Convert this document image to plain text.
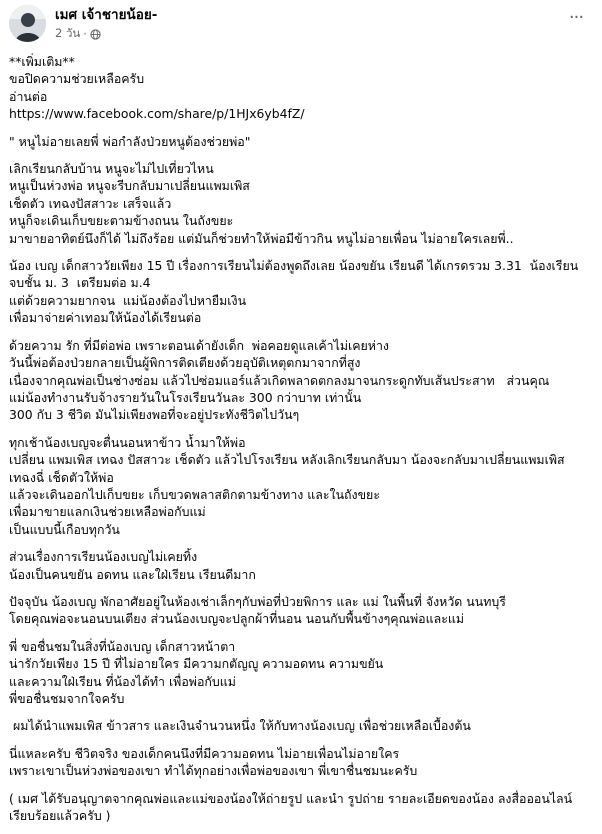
เมศ เจ้าชายน้อย-
2 วัน ·
···
**เพิ่มเติม**
ขอปิดความช่วยเหลือครับ
อ่านต่อ
https://www.facebook.com/share/p/1HJx6yb4fZ/
" หนูไม่อายเลยพี่ พ่อกำลังป่วยหนูต้องช่วยพ่อ"
เลิกเรียนกลับบ้าน หนูจะไม่ไปเที่ยวไหน
หนูเป็นห่วงพ่อ หนูจะรีบกลับมาเปลี่ยนแพมเพิส
เช็ดตัว เทฉงปัสสาวะ เสร็จแล้ว
หนูก็จะเดินเก็บขยะตามข้างถนน ในถังขยะ
มาขายอาทิตย์นึงก็ได้ ไม่ถึงร้อย แต่มันก็ช่วยทำให้พ่อมีข้าวกิน หนูไม่อายเพื่อน ไม่อายใครเลยพี่..
น้อง เบญ เด็กสาววัยเพียง 15 ปี เรื่องการเรียนไม่ต้องพูดถึงเลย น้องขยัน เรียนดี ได้เกรดรวม 3.31  น้องเรียน
จบชั้น ม. 3  เตรียมต่อ ม.4
แต่ด้วยความยากจน  แม่น้องต้องไปหายืมเงิน
เพื่อมาจ่ายค่าเทอมให้น้องได้เรียนต่อ
ด้วยความ รัก ที่มีต่อพ่อ เพราะตอนเด้ายังเด็ก  พ่อคอยดูแลเค้าไม่เคยห่าง
วันนี้พ่อต้องป่วยกลายเป็นผู้พิการติดเตียงด้วยอุบัติเหตุตกมาจากที่สูง
เนื่องจากคุณพ่อเป็นช่างซ่อม แล้วไปซ่อมแอร์แล้วเกิดพลาดตกลงมาจนกระดูกทับเส้นประสาท   ส่วนคุณ
แม่น้องทำงานรับจ้างรายวันในโรงเรียนวันละ 300 กว่าบาท เท่านั้น
300 กับ 3 ชีวิต มันไม่เพียงพอที่จะอยู่ประทังชีวิตไปวันๆ
ทุกเช้าน้องเบญจะตื่นนอนหาข้าว น้ำมาให้พ่อ
เปลี่ยน แพมเพิส เทฉง ปัสสาวะ เช็ดตัว แล้วไปโรงเรียน หลังเลิกเรียนกลับมา น้องจะกลับมาเปลี่ยนแพมเพิส
เทฉงฉี่ เช็ดตัวให้พ่อ
แล้วจะเดินออกไปเก็บขยะ เก็บขวดพลาสติกตามข้างทาง และในถังขยะ
เพื่อมาขายแลกเงินช่วยเหลือพ่อกับแม่
เป็นแบบนี้เกือบทุกวัน
ส่วนเรื่องการเรียนน้องเบญไม่เคยทิ้ง
น้องเป็นคนขยัน อดทน และใฝ่เรียน เรียนดีมาก
ปัจจุบัน น้องเบญ พักอาศัยอยู่ในห้องเช่าเล็กๆกับพ่อที่ป่วยพิการ และ แม่ ในพื้นที่ จังหวัด นนทบุรี
โดยคุณพ่อจะนอนบนเตียง ส่วนน้องเบญจะปลูกผ้าที่นอน นอนกับพื้นข้างๆคุณพ่อและแม่
พี่ ขอชื่นชมในสิ่งที่น้องเบญ เด็กสาวหน้าตา
น่ารักวัยเพียง 15 ปี ที่ไม่อายใคร มีความกตัญญู ความอดทน ความขยัน
และความใฝ่เรียน ที่น้องได้ทำ เพื่อพ่อกับแม่
พี่ขอชื่นชมจากใจครับ
ผมได้นำแพมเพิส ข้าวสาร และเงินจำนวนหนึ่ง ให้กับทางน้องเบญ เพื่อช่วยเหลือเบื้องต้น
นี่แหละครับ ชีวิตจริง ของเด็กคนนึงที่มีความอดทน ไม่อายเพื่อนไม่อายใคร
เพราะเขาเป็นห่วงพ่อของเขา ทำได้ทุกอย่างเพื่อพ่อของเขา พี่เขาชื่นชมนะครับ
( เมศ ได้รับอนุญาตจากคุณพ่อและแม่ของน้องให้ถ่ายรูป และนำ รูปถ่าย รายละเอียดของน้อง ลงสื่อออนไลน์
เรียบร้อยแล้วครับ )
